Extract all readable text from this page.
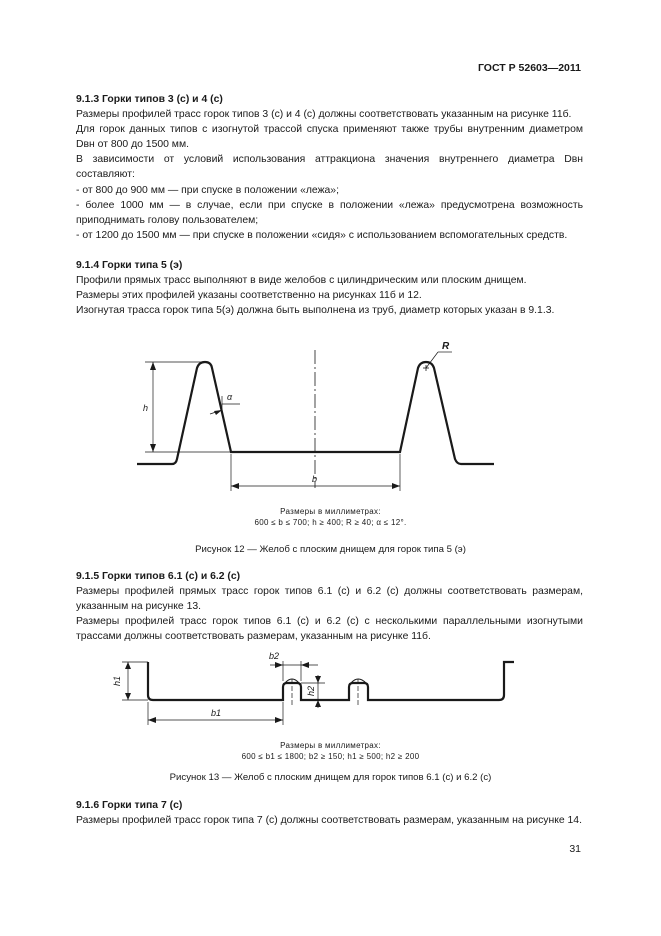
ГОСТ Р 52603—2011

9.1.3 Горки типов 3 (с) и 4 (с)

Размеры профилей трасс горок типов 3 (с) и 4 (с) должны соответствовать указанным на рисунке 11б.

Для горок данных типов с изогнутой трассой спуска применяют также трубы внутренним диаметром Dвн от 800 до 1500 мм.

В зависимости от условий использования аттракциона значения внутреннего диаметра Dвн составляют:

- от 800 до 900 мм — при спуске в положении «лежа»;

- более 1000 мм — в случае, если при спуске в положении «лежа» предусмотрена возможность приподнимать голову пользователем;

- от 1200 до 1500 мм — при спуске в положении «сидя» с использованием вспомогательных средств.

9.1.4 Горки типа 5 (э)

Профили прямых трасс выполняют в виде желобов с цилиндрическим или плоским днищем.

Размеры этих профилей указаны соответственно на рисунках 11б и 12.

Изогнутая трасса горок типа 5(э) должна быть выполнена из труб, диаметр которых указан в 9.1.3.

h
b
R
α
Размеры в миллиметрах:
600 ≤ b ≤ 700; h ≥ 400; R ≥ 40; α ≤ 12°.
Рисунок 12 — Желоб с плоским днищем для горок типа 5 (э)

9.1.5 Горки типов 6.1 (с) и 6.2 (с)

Размеры профилей прямых трасс горок типов 6.1 (с) и 6.2 (с) должны соответствовать размерам, указанным на рисунке 13.

Размеры профилей трасс горок типов 6.1 (с) и 6.2 (с) с несколькими параллельными изогнутыми трассами должны соответствовать размерам, указанным на рисунке 11б.

h1
b1
b2
h2
Размеры в миллиметрах:
600 ≤ b1 ≤ 1800; b2 ≥ 150; h1 ≥ 500; h2 ≥ 200
Рисунок 13 — Желоб с плоским днищем для горок типов 6.1 (с) и 6.2 (с)

9.1.6 Горки типа 7 (с)

Размеры профилей трасс горок типа 7 (с) должны соответствовать размерам, указанным на рисунке 14.

31
